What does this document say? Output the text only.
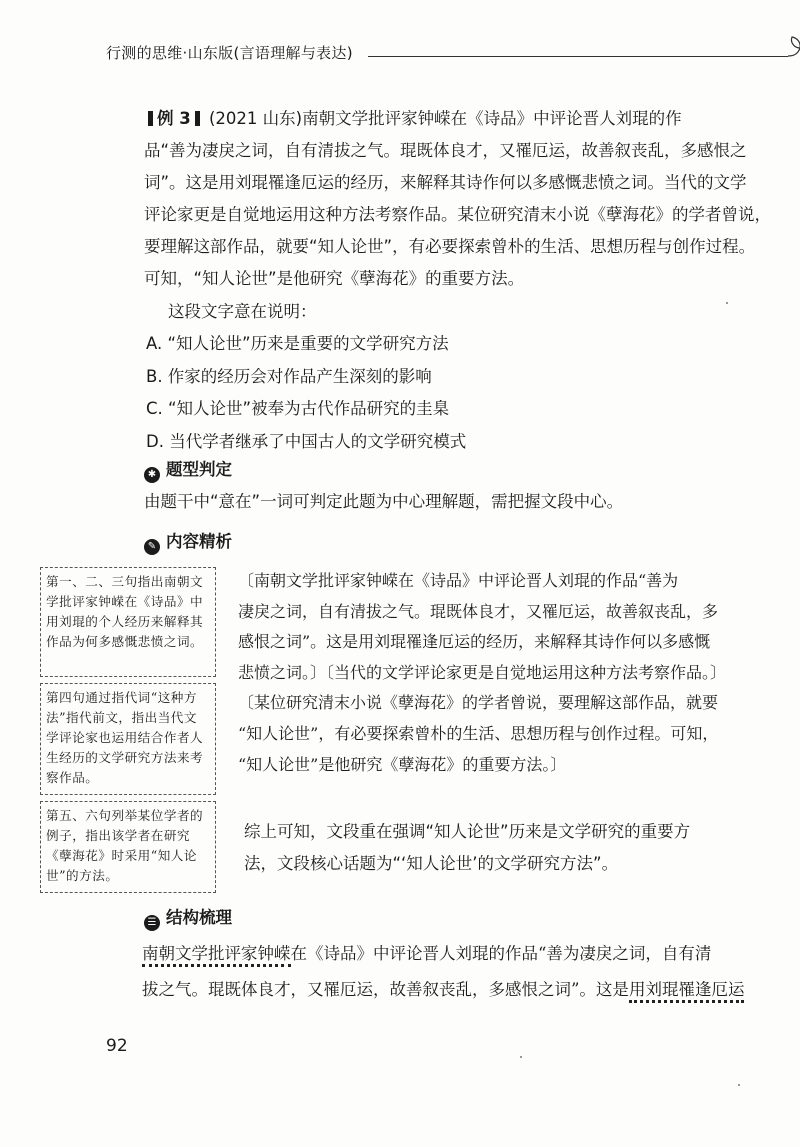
行测的思维·山东版(言语理解与表达)
例 3 (2021 山东)南朝文学批评家钟嵘在《诗品》中评论晋人刘琨的作
品“善为凄戾之词，自有清拔之气。琨既体良才，又罹厄运，故善叙丧乱，多感恨之
词”。这是用刘琨罹逢厄运的经历，来解释其诗作何以多感慨悲愤之词。当代的文学
评论家更是自觉地运用这种方法考察作品。某位研究清末小说《孽海花》的学者曾说，
要理解这部作品，就要“知人论世”，有必要探索曾朴的生活、思想历程与创作过程。
可知，“知人论世”是他研究《孽海花》的重要方法。
这段文字意在说明：
A. “知人论世”历来是重要的文学研究方法
B. 作家的经历会对作品产生深刻的影响
C. “知人论世”被奉为古代作品研究的圭臬
D. 当代学者继承了中国古人的文学研究模式
✱ 题型判定
由题干中“意在”一词可判定此题为中心理解题，需把握文段中心。
✎ 内容精析
第一、二、三句指出南朝文学批评家钟嵘在《诗品》中用刘琨的个人经历来解释其作品为何多感慨悲愤之词。
第四句通过指代词“这种方法”指代前文，指出当代文学评论家也运用结合作者人生经历的文学研究方法来考察作品。
第五、六句列举某位学者的例子，指出该学者在研究《孽海花》时采用“知人论世”的方法。
〔南朝文学批评家钟嵘在《诗品》中评论晋人刘琨的作品“善为
凄戾之词，自有清拔之气。琨既体良才，又罹厄运，故善叙丧乱，多
感恨之词”。这是用刘琨罹逢厄运的经历，来解释其诗作何以多感慨
悲愤之词。〕〔当代的文学评论家更是自觉地运用这种方法考察作品。〕
〔某位研究清末小说《孽海花》的学者曾说，要理解这部作品，就要
“知人论世”，有必要探索曾朴的生活、思想历程与创作过程。可知，
“知人论世”是他研究《孽海花》的重要方法。〕
综上可知，文段重在强调“知人论世”历来是文学研究的重要方
法，文段核心话题为“‘知人论世’的文学研究方法”。
☰ 结构梳理
南朝文学批评家钟嵘在《诗品》中评论晋人刘琨的作品“善为凄戾之词，自有清
拔之气。琨既体良才，又罹厄运，故善叙丧乱，多感恨之词”。这是用刘琨罹逢厄运
92
